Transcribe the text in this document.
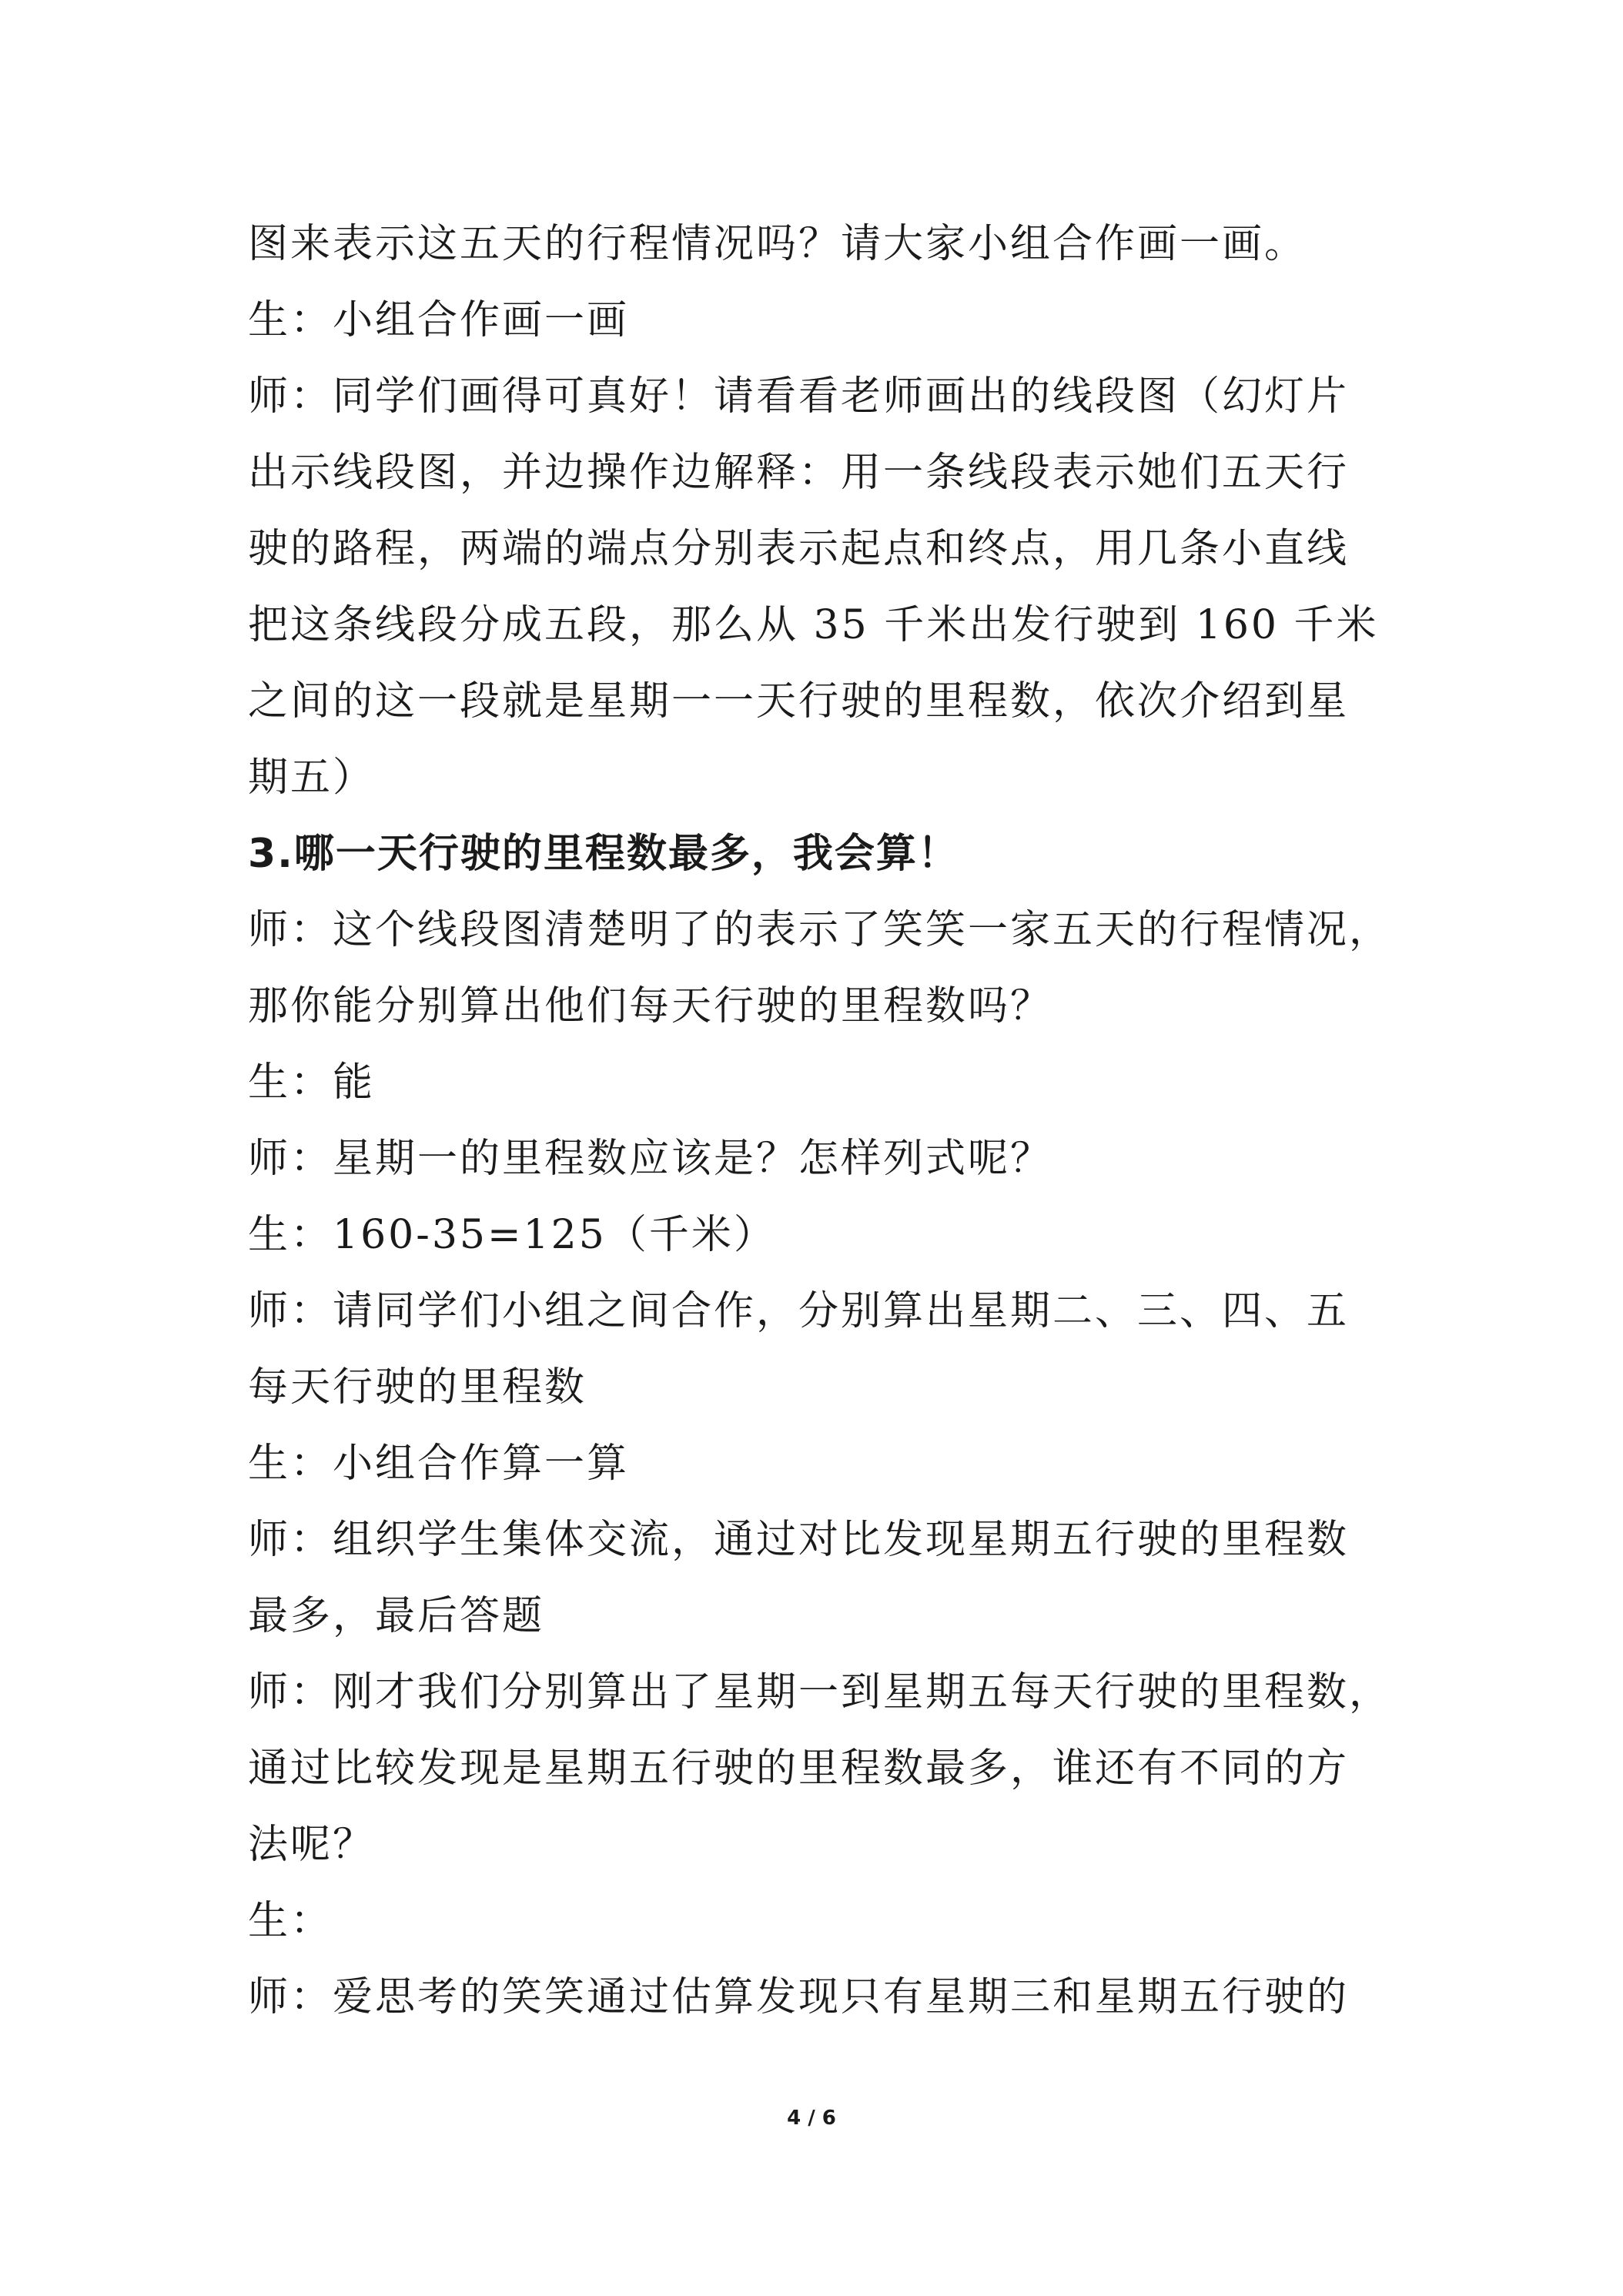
图来表示这五天的行程情况吗？请大家小组合作画一画。
生：小组合作画一画
师：同学们画得可真好！请看看老师画出的线段图（幻灯片
出示线段图，并边操作边解释：用一条线段表示她们五天行
驶的路程，两端的端点分别表示起点和终点，用几条小直线
把这条线段分成五段，那么从 35 千米出发行驶到 160 千米
之间的这一段就是星期一一天行驶的里程数，依次介绍到星
期五）
3.哪一天行驶的里程数最多，我会算！
师：这个线段图清楚明了的表示了笑笑一家五天的行程情况，
那你能分别算出他们每天行驶的里程数吗？
生：能
师：星期一的里程数应该是？怎样列式呢？
生：160-35=125（千米）
师：请同学们小组之间合作，分别算出星期二、三、四、五
每天行驶的里程数
生：小组合作算一算
师：组织学生集体交流，通过对比发现星期五行驶的里程数
最多，最后答题
师：刚才我们分别算出了星期一到星期五每天行驶的里程数，
通过比较发现是星期五行驶的里程数最多，谁还有不同的方
法呢？
生：
师：爱思考的笑笑通过估算发现只有星期三和星期五行驶的
4 / 6
